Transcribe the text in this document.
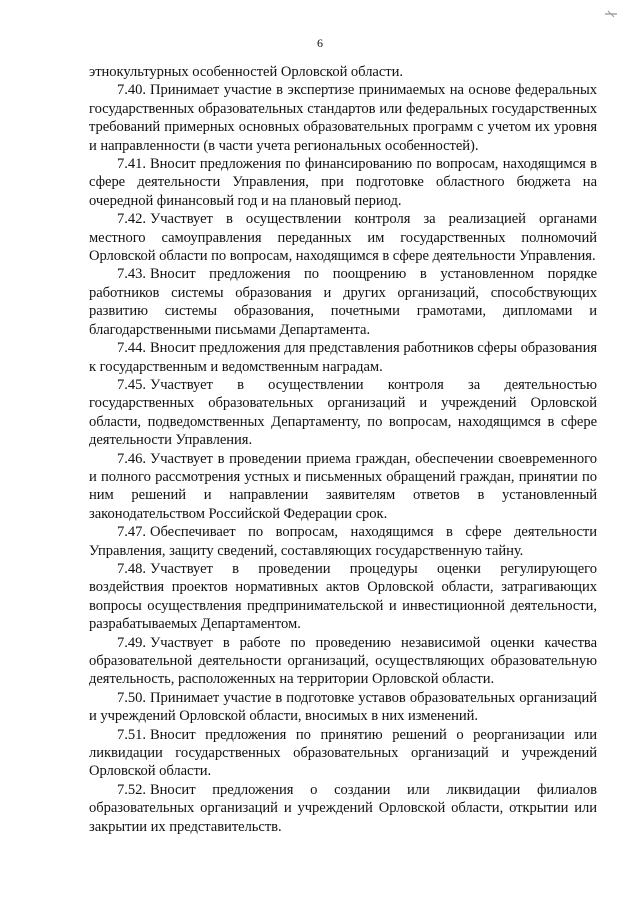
6

этнокультурных особенностей Орловской области.

7.40. Принимает участие в экспертизе принимаемых на основе федеральных государственных образовательных стандартов или федеральных государственных требований примерных основных образовательных программ с учетом их уровня и направленности (в части учета региональных особенностей).

7.41. Вносит предложения по финансированию по вопросам, находящимся в сфере деятельности Управления, при подготовке областного бюджета на очередной финансовый год и на плановый период.

7.42. Участвует в осуществлении контроля за реализацией органами местного самоуправления переданных им государственных полномочий Орловской области по вопросам, находящимся в сфере деятельности Управления.

7.43. Вносит предложения по поощрению в установленном порядке работников системы образования и других организаций, способствующих развитию системы образования, почетными грамотами, дипломами и благодарственными письмами Департамента.

7.44. Вносит предложения для представления работников сферы образования к государственным и ведомственным наградам.

7.45. Участвует в осуществлении контроля за деятельностью государственных образовательных организаций и учреждений Орловской области, подведомственных Департаменту, по вопросам, находящимся в сфере деятельности Управления.

7.46. Участвует в проведении приема граждан, обеспечении своевременного и полного рассмотрения устных и письменных обращений граждан, принятии по ним решений и направлении заявителям ответов в установленный законодательством Российской Федерации срок.

7.47. Обеспечивает по вопросам, находящимся в сфере деятельности Управления, защиту сведений, составляющих государственную тайну.

7.48. Участвует в проведении процедуры оценки регулирующего воздействия проектов нормативных актов Орловской области, затрагивающих вопросы осуществления предпринимательской и инвестиционной деятельности, разрабатываемых Департаментом.

7.49. Участвует в работе по проведению независимой оценки качества образовательной деятельности организаций, осуществляющих образовательную деятельность, расположенных на территории Орловской области.

7.50. Принимает участие в подготовке уставов образовательных организаций и учреждений Орловской области, вносимых в них изменений.

7.51. Вносит предложения по принятию решений о реорганизации или ликвидации государственных образовательных организаций и учреждений Орловской области.

7.52. Вносит предложения о создании или ликвидации филиалов образовательных организаций и учреждений Орловской области, открытии или закрытии их представительств.
